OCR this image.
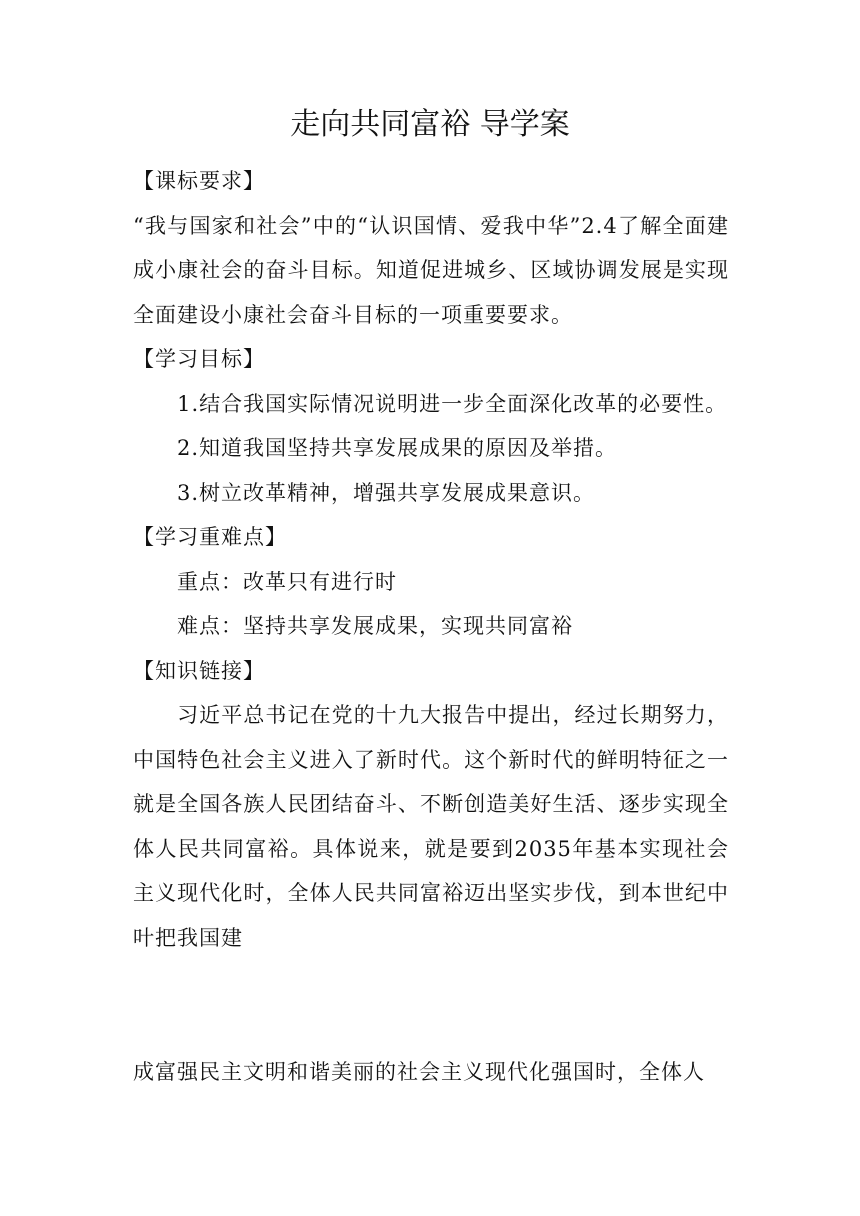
走向共同富裕 导学案

【课标要求】

“我与国家和社会”中的“认识国情、爱我中华”2.4了解全面建成小康社会的奋斗目标。知道促进城乡、区域协调发展是实现全面建设小康社会奋斗目标的一项重要要求。

【学习目标】

1.结合我国实际情况说明进一步全面深化改革的必要性。

2.知道我国坚持共享发展成果的原因及举措。

3.树立改革精神，增强共享发展成果意识。

【学习重难点】

重点：改革只有进行时

难点：坚持共享发展成果，实现共同富裕

【知识链接】

习近平总书记在党的十九大报告中提出，经过长期努力，中国特色社会主义进入了新时代。这个新时代的鲜明特征之一就是全国各族人民团结奋斗、不断创造美好生活、逐步实现全体人民共同富裕。具体说来，就是要到2035年基本实现社会主义现代化时，全体人民共同富裕迈出坚实步伐，到本世纪中叶把我国建

成富强民主文明和谐美丽的社会主义现代化强国时，全体人
